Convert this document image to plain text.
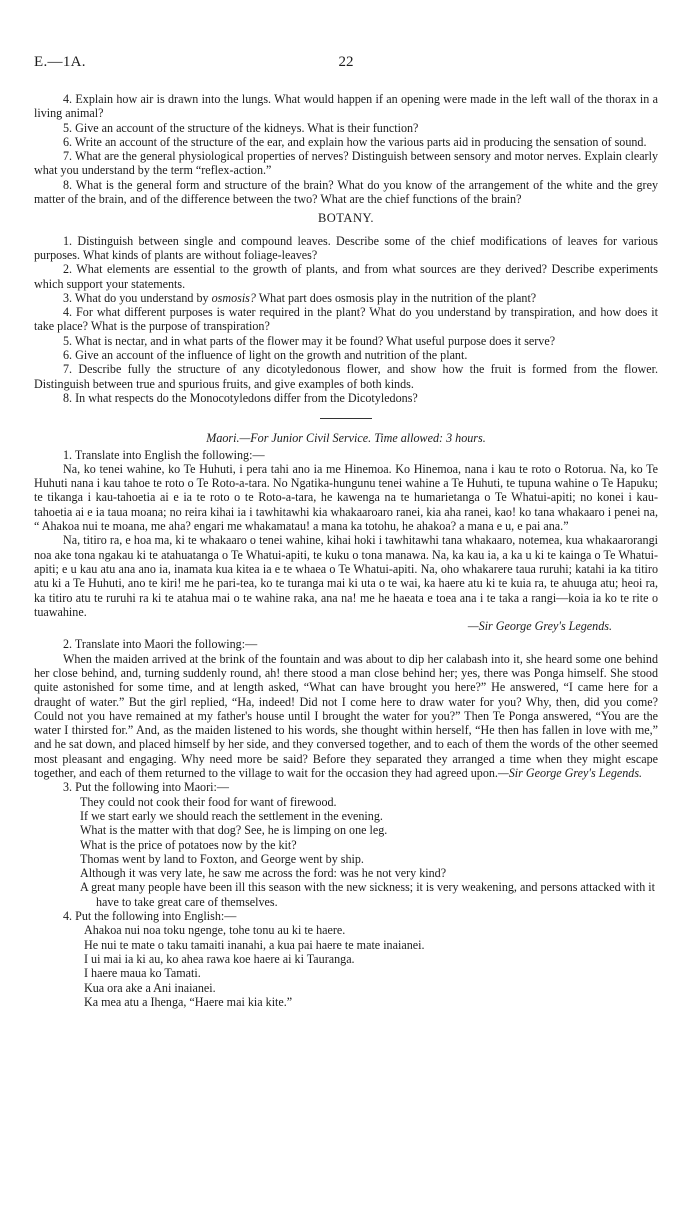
E.—1A.	22

4. Explain how air is drawn into the lungs. What would happen if an opening were made in the left wall of the thorax in a living animal?

5. Give an account of the structure of the kidneys. What is their function?

6. Write an account of the structure of the ear, and explain how the various parts aid in producing the sensation of sound.

7. What are the general physiological properties of nerves? Distinguish between sensory and motor nerves. Explain clearly what you understand by the term “reflex-action.”

8. What is the general form and structure of the brain? What do you know of the arrangement of the white and the grey matter of the brain, and of the difference between the two? What are the chief functions of the brain?

BOTANY.

1. Distinguish between single and compound leaves. Describe some of the chief modifications of leaves for various purposes. What kinds of plants are without foliage-leaves?

2. What elements are essential to the growth of plants, and from what sources are they derived? Describe experiments which support your statements.

3. What do you understand by osmosis? What part does osmosis play in the nutrition of the plant?

4. For what different purposes is water required in the plant? What do you understand by transpiration, and how does it take place? What is the purpose of transpiration?

5. What is nectar, and in what parts of the flower may it be found? What useful purpose does it serve?

6. Give an account of the influence of light on the growth and nutrition of the plant.

7. Describe fully the structure of any dicotyledonous flower, and show how the fruit is formed from the flower. Distinguish between true and spurious fruits, and give examples of both kinds.

8. In what respects do the Monocotyledons differ from the Dicotyledons?

Maori.—For Junior Civil Service. Time allowed: 3 hours.

1. Translate into English the following:—

Na, ko tenei wahine, ko Te Huhuti, i pera tahi ano ia me Hinemoa. Ko Hinemoa, nana i kau te roto o Rotorua. Na, ko Te Huhuti nana i kau tahoe te roto o Te Roto-a-tara. No Ngatika-hungunu tenei wahine a Te Huhuti, te tupuna wahine o Te Hapuku; te tikanga i kau-tahoetia ai e ia te roto o te Roto-a-tara, he kawenga na te humarietanga o Te Whatui-apiti; no konei i kau-tahoetia ai e ia taua moana; no reira kihai ia i tawhitawhi kia whakaaroaro ranei, kia aha ranei, kao! ko tana whakaaro i penei na, “ Ahakoa nui te moana, me aha? engari me whakamatau! a mana ka totohu, he ahakoa? a mana e u, e pai ana.”

Na, titiro ra, e hoa ma, ki te whakaaro o tenei wahine, kihai hoki i tawhitawhi tana whakaaro, notemea, kua whakaarorangi noa ake tona ngakau ki te atahuatanga o Te Whatui-apiti, te kuku o tona manawa. Na, ka kau ia, a ka u ki te kainga o Te Whatui-apiti; e u kau atu ana ano ia, inamata kua kitea ia e te whaea o Te Whatui-apiti. Na, oho whakarere taua ruruhi; katahi ia ka titiro atu ki a Te Huhuti, ano te kiri! me he pari-tea, ko te turanga mai ki uta o te wai, ka haere atu ki te kuia ra, te ahuuga atu; heoi ra, ka titiro atu te ruruhi ra ki te atahua mai o te wahine raka, ana na! me he haeata e toea ana i te taka a rangi—koia ia ko te rite o tuawahine.

—Sir George Grey's Legends.

2. Translate into Maori the following:—

When the maiden arrived at the brink of the fountain and was about to dip her calabash into it, she heard some one behind her close behind, and, turning suddenly round, ah! there stood a man close behind her; yes, there was Ponga himself. She stood quite astonished for some time, and at length asked, “What can have brought you here?” He answered, “I came here for a draught of water.” But the girl replied, “Ha, indeed! Did not I come here to draw water for you? Why, then, did you come? Could not you have remained at my father's house until I brought the water for you?” Then Te Ponga answered, “You are the water I thirsted for.” And, as the maiden listened to his words, she thought within herself, “He then has fallen in love with me,” and he sat down, and placed himself by her side, and they conversed together, and to each of them the words of the other seemed most pleasant and engaging. Why need more be said? Before they separated they arranged a time when they might escape together, and each of them returned to the village to wait for the occasion they had agreed upon.—Sir George Grey's Legends.

3. Put the following into Maori:—

They could not cook their food for want of firewood.

If we start early we should reach the settlement in the evening.

What is the matter with that dog? See, he is limping on one leg.

What is the price of potatoes now by the kit?

Thomas went by land to Foxton, and George went by ship.

Although it was very late, he saw me across the ford: was he not very kind?

A great many people have been ill this season with the new sickness; it is very weakening, and persons attacked with it have to take great care of themselves.

4. Put the following into English:—

Ahakoa nui noa toku ngenge, tohe tonu au ki te haere.

He nui te mate o taku tamaiti inanahi, a kua pai haere te mate inaianei.

I ui mai ia ki au, ko ahea rawa koe haere ai ki Tauranga.

I haere maua ko Tamati.

Kua ora ake a Ani inaianei.

Ka mea atu a Ihenga, “Haere mai kia kite.”
